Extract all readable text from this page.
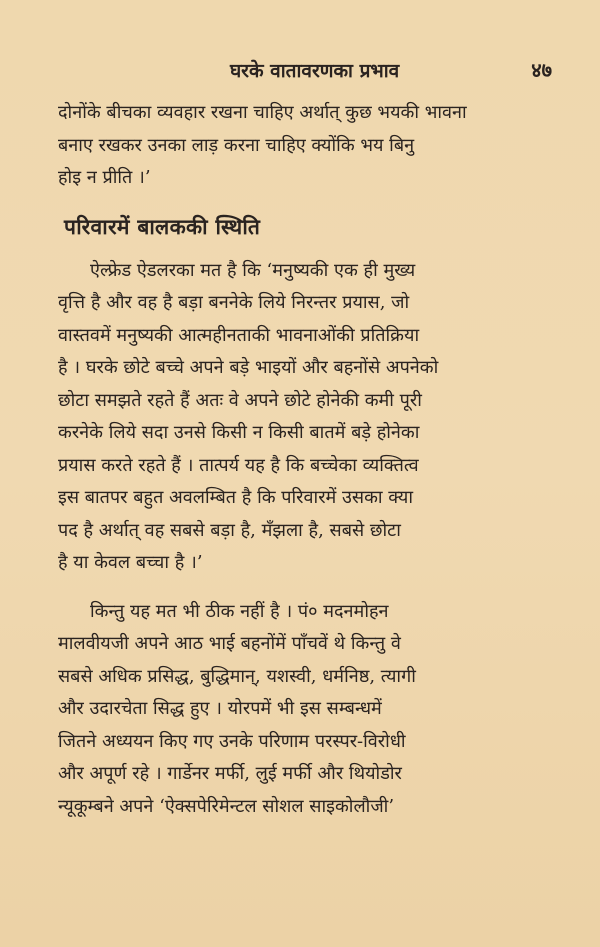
घरके वातावरणका प्रभाव	४७

दोनोंके बीचका व्यवहार रखना चाहिए अर्थात् कुछ भयकी भावना
बनाए रखकर उनका लाड़ करना चाहिए क्योंकि भय बिनु
होइ न प्रीति ।’

परिवारमें बालककी स्थिति

ऐल्फ्रेड ऐडलरका मत है कि ‘मनुष्यकी एक ही मुख्य
वृत्ति है और वह है बड़ा बननेके लिये निरन्तर प्रयास, जो
वास्तवमें मनुष्यकी आत्महीनताकी भावनाओंकी प्रतिक्रिया
है । घरके छोटे बच्चे अपने बड़े भाइयों और बहनोंसे अपनेको
छोटा समझते रहते हैं अतः वे अपने छोटे होनेकी कमी पूरी
करनेके लिये सदा उनसे किसी न किसी बातमें बड़े होनेका
प्रयास करते रहते हैं । तात्पर्य यह है कि बच्चेका व्यक्तित्व
इस बातपर बहुत अवलम्बित है कि परिवारमें उसका क्या
पद है अर्थात् वह सबसे बड़ा है, मँझला है, सबसे छोटा
है या केवल बच्चा है ।’

किन्तु यह मत भी ठीक नहीं है । पं० मदनमोहन
मालवीयजी अपने आठ भाई बहनोंमें पाँचवें थे किन्तु वे
सबसे अधिक प्रसिद्ध, बुद्धिमान्, यशस्वी, धर्मनिष्ठ, त्यागी
और उदारचेता सिद्ध हुए । योरपमें भी इस सम्बन्धमें
जितने अध्ययन किए गए उनके परिणाम परस्पर-विरोधी
और अपूर्ण रहे । गार्डेनर मर्फी, लुई मर्फी और थियोडोर
न्यूकूम्बने अपने ‘ऐक्सपेरिमेन्टल सोशल साइकोलौजी’
